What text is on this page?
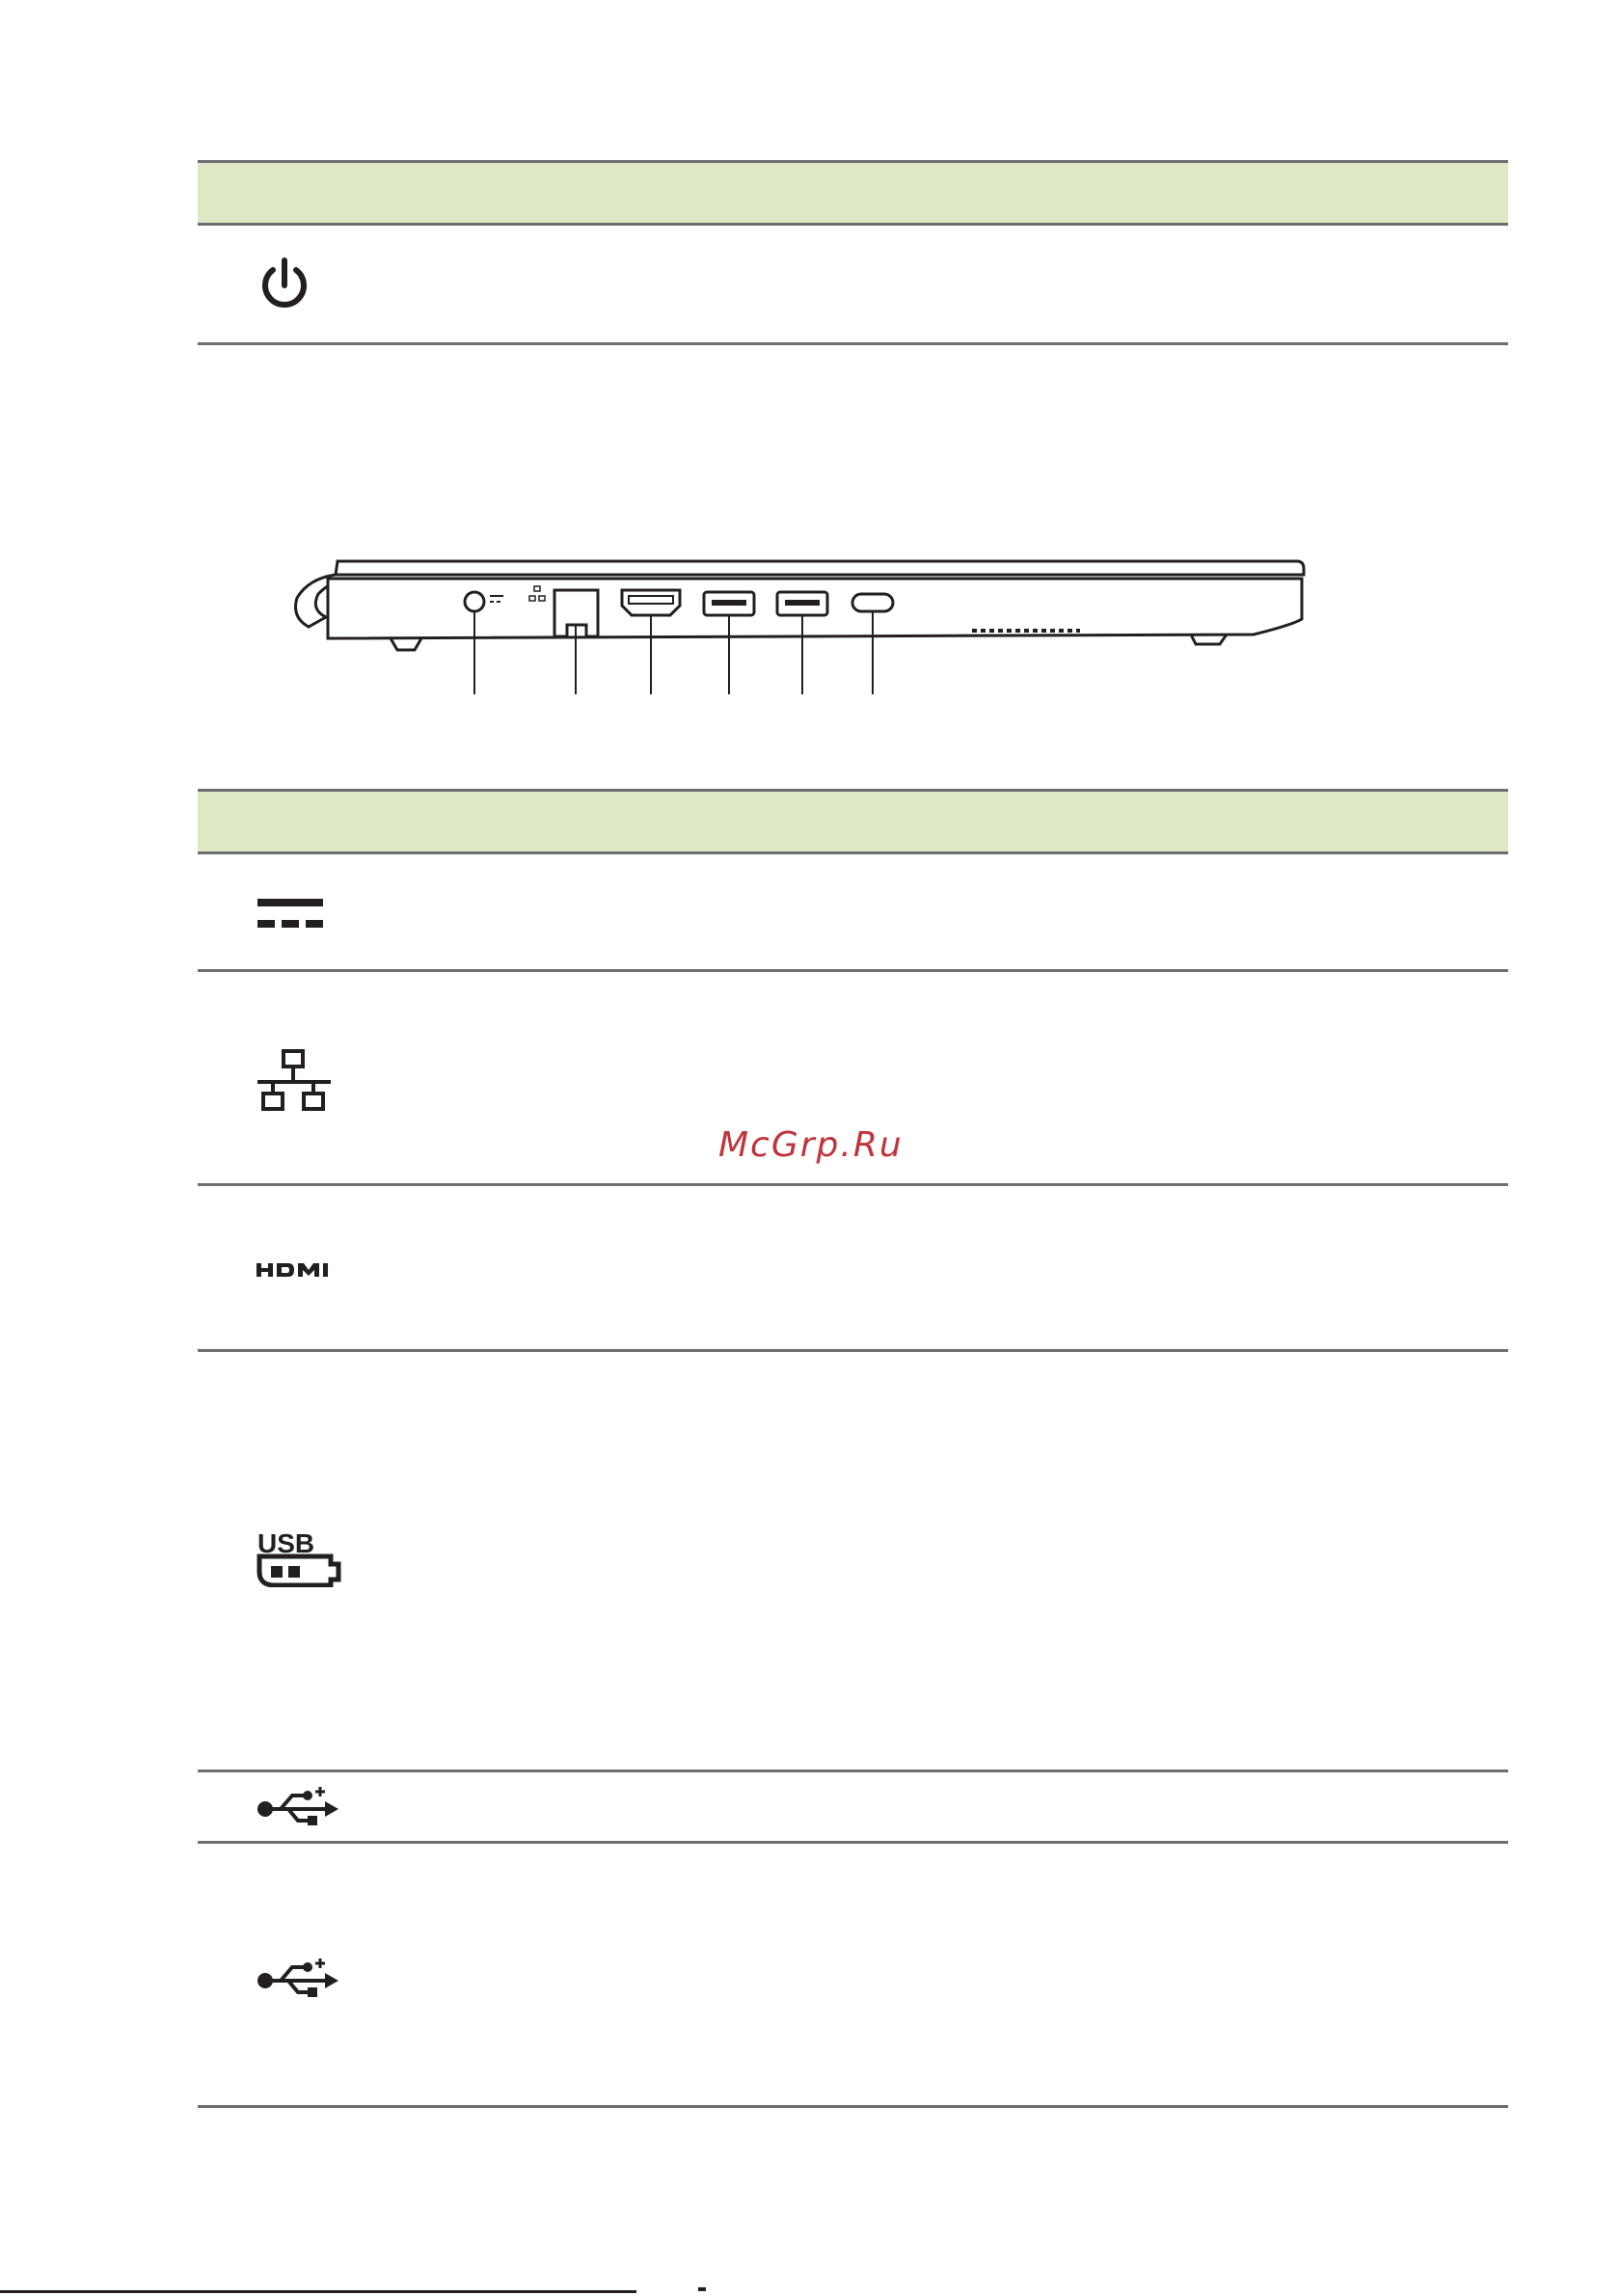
USB
McGrp.Ru
